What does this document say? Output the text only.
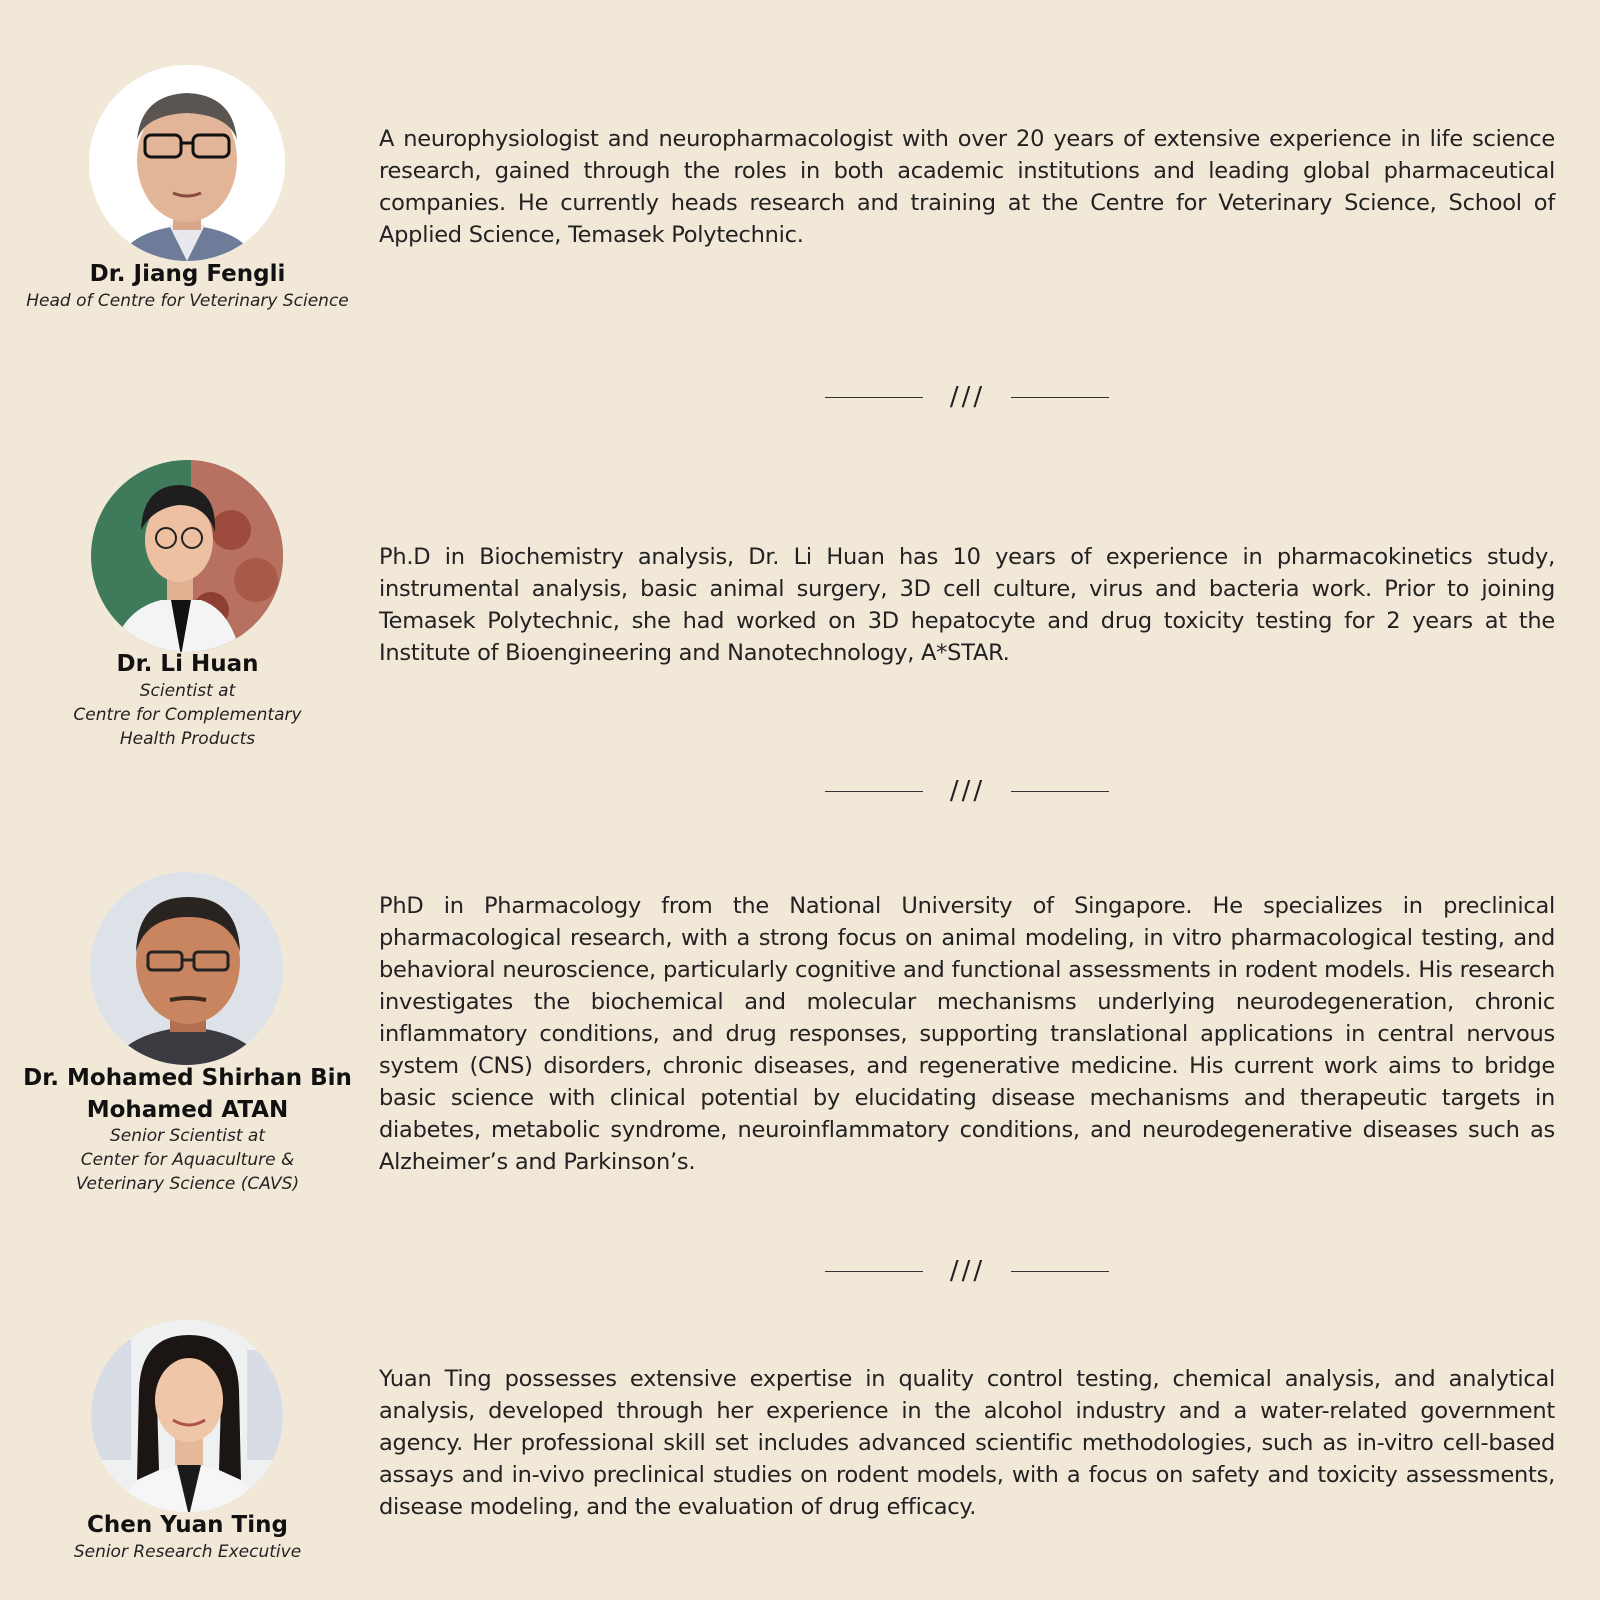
Dr. Jiang Fengli
Head of Centre for Veterinary Science
A neurophysiologist and neuropharmacologist with over 20 years of extensive experience in life science research, gained through the roles in both academic institutions and leading global pharmaceutical companies. He currently heads research and training at the Centre for Veterinary Science, School of Applied Science, Temasek Polytechnic.
///
Dr. Li Huan
Scientist at
Centre for Complementary
Health Products
Ph.D in Biochemistry analysis, Dr. Li Huan has 10 years of experience in pharmacokinetics study, instrumental analysis, basic animal surgery, 3D cell culture, virus and bacteria work. Prior to joining Temasek Polytechnic, she had worked on 3D hepatocyte and drug toxicity testing for 2 years at the Institute of Bioengineering and Nanotechnology, A*STAR.
///
Dr. Mohamed Shirhan Bin Mohamed ATAN
Senior Scientist at
Center for Aquaculture &
Veterinary Science (CAVS)
PhD in Pharmacology from the National University of Singapore. He specializes in preclinical pharmacological research, with a strong focus on animal modeling, in vitro pharmacological testing, and behavioral neuroscience, particularly cognitive and functional assessments in rodent models. His research investigates the biochemical and molecular mechanisms underlying neurodegeneration, chronic inflammatory conditions, and drug responses, supporting translational applications in central nervous system (CNS) disorders, chronic diseases, and regenerative medicine. His current work aims to bridge basic science with clinical potential by elucidating disease mechanisms and therapeutic targets in diabetes, metabolic syndrome, neuroinflammatory conditions, and neurodegenerative diseases such as Alzheimer’s and Parkinson’s.
///
Chen Yuan Ting
Senior Research Executive
Yuan Ting possesses extensive expertise in quality control testing, chemical analysis, and analytical analysis, developed through her experience in the alcohol industry and a water-related government agency. Her professional skill set includes advanced scientific methodologies, such as in-vitro cell-based assays and in-vivo preclinical studies on rodent models, with a focus on safety and toxicity assessments, disease modeling, and the evaluation of drug efficacy.
